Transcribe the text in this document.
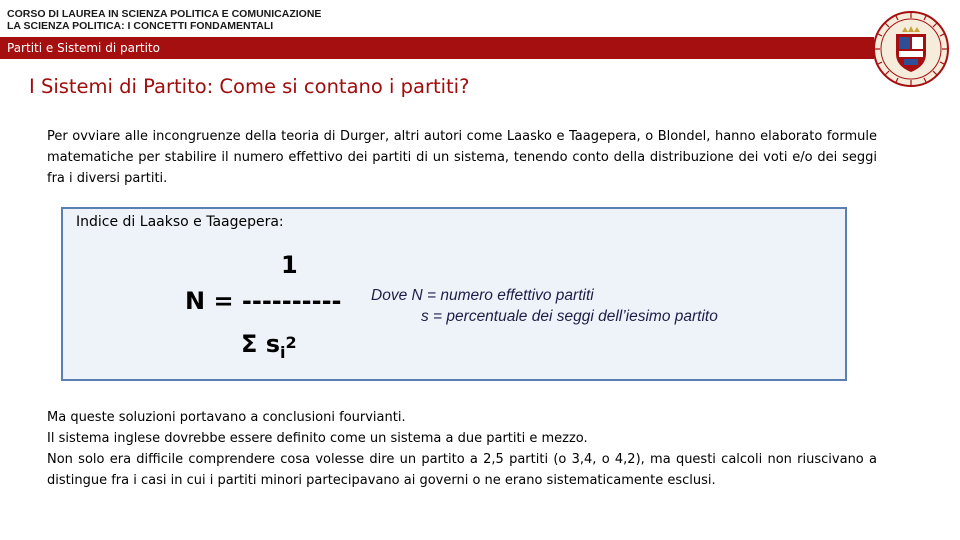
CORSO DI LAUREA IN SCIENZA POLITICA E COMUNICAZIONE
LA SCIENZA POLITICA: I CONCETTI FONDAMENTALI
Partiti e Sistemi di partito
I Sistemi di Partito: Come si contano i partiti?

Per ovviare alle incongruenze della teoria di Durger, altri autori come Laasko e Taagepera, o Blondel, hanno elaborato formule matematiche per stabilire il numero effettivo dei partiti di un sistema, tenendo conto della distribuzione dei voti e/o dei seggi fra i diversi partiti.

Indice di Laakso e Taagepera:
1
N = ----------
Σ $s_i^2$
Dove N = numero effettivo partiti
s = percentuale dei seggi dell’iesimo partito
Ma queste soluzioni portavano a conclusioni fourvianti.
Il sistema inglese dovrebbe essere definito come un sistema a due partiti e mezzo.
Non solo era difficile comprendere cosa volesse dire un partito a 2,5 partiti (o 3,4, o 4,2), ma questi calcoli non riuscivano a distingue fra i casi in cui i partiti minori partecipavano ai governi o ne erano sistematicamente esclusi.
